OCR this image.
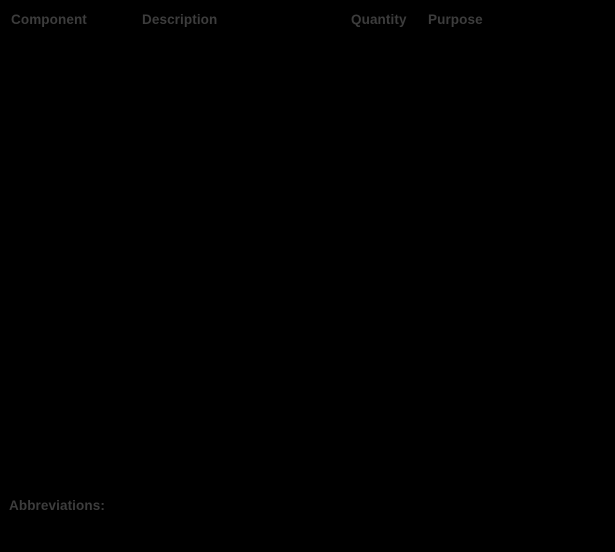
Component	Description	Quantity Purpose
Abbreviations:
